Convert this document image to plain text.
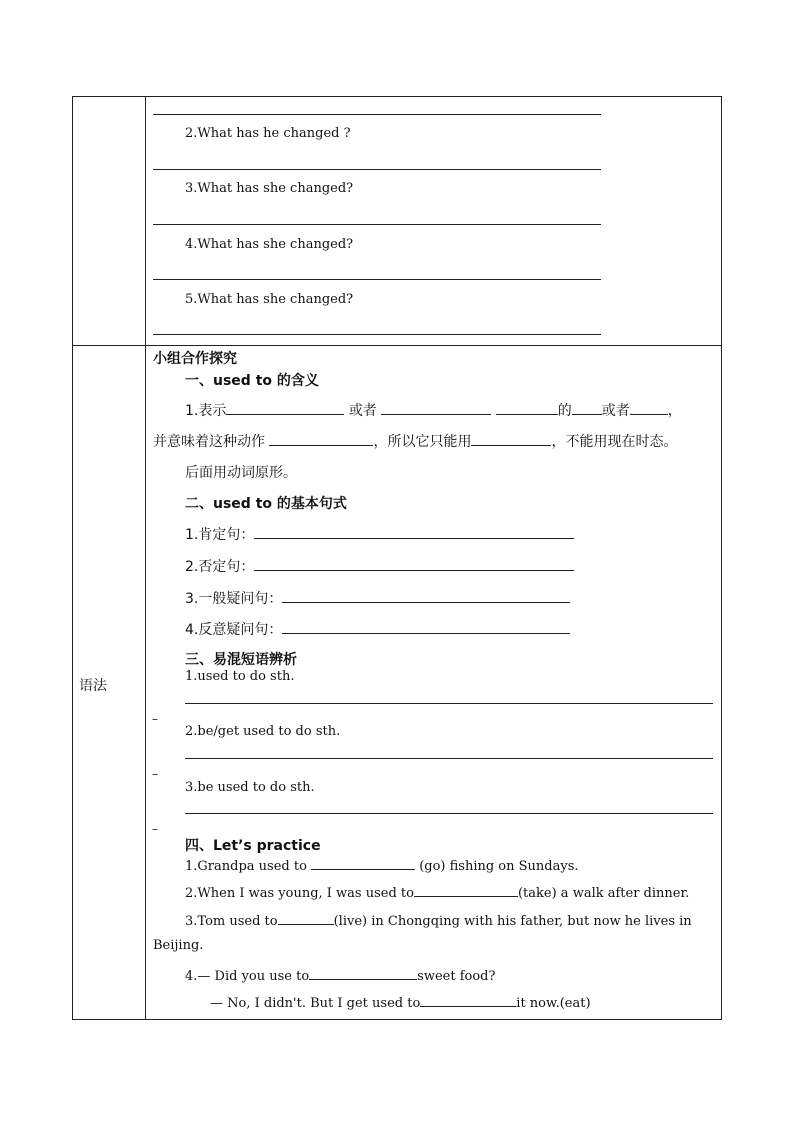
2.What has he changed ?
3.What has she changed?
4.What has she changed?
5.What has she changed?
语法
小组合作探究
一、used to 的含义
1.表示	或者	的 或者	，
并意味着这种动作	，所以它只能用	，不能用现在时态。
后面用动词原形。
二、used to 的基本句式
1.肯定句：
2.否定句：
3.一般疑问句：
4.反意疑问句：
三、易混短语辨析
1.used to do sth.
–
2.be/get used to do sth.
–
3.be used to do sth.
–
四、Let’s practice
1.Grandpa used to	(go) fishing on Sundays.
2.When I was young, I was used to	(take) a walk after dinner.
3.Tom used to	(live) in Chongqing with his father, but now he lives in
Beijing.
4.— Did you use to	sweet food?
— No, I didn't. But I get used to	it now.(eat)
